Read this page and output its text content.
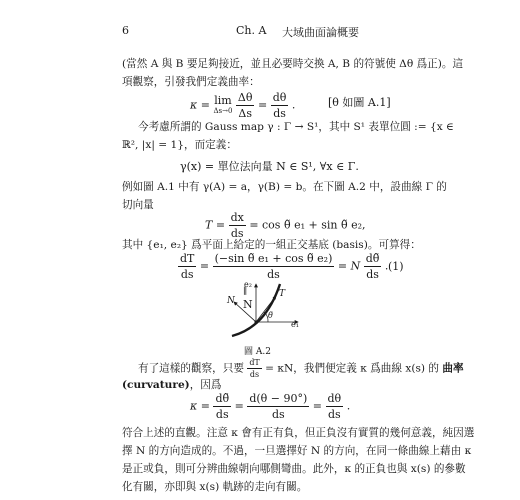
6	Ch. A 大域曲面論概要
(當然 A 與 B 要足夠接近，並且必要時交換 A, B 的符號使 Δθ 爲正)。這
項觀察，引發我們定義曲率：
κ = lim
Δs→0
$\frac{\Delta\theta}{\Delta s} = \frac{d\theta}{ds}$ .	[θ 如圖 A.1]
今考慮所謂的 Gauss map γ : Γ → S¹，其中 S¹ 表單位圓 := {x ∈
ℝ², |x| = 1}，而定義：
γ(x) = 單位法向量 N ∈ S¹, ∀x ∈ Γ.
例如圖 A.1 中有 γ(A) = a，γ(B) = b。在下圖 A.2 中，設曲線 Γ 的
切向量
$T = \frac{dx}{ds} = \cos$ θ̃ e₁ + sin θ̃ e₂,
其中 {e₁, e₂} 爲平面上給定的一組正交基底 (basis)。可算得：
$\frac{dT}{ds} = \frac{\text{(−sin θ̃ e₁ + cos θ̃ e₂)}}{ds} = N \frac{d\thetã}{ds}$ .
∥
N
(1)
e₂
N
T
θ̃
e₁
圖 A.2
有了這樣的觀察，只要 $\frac{dT}{ds} = \kappa N$，我們便定義 κ 爲曲線 x(s) 的 曲率
(curvature)，因爲
$\kappa = \frac{d\thetã}{ds} = \frac{d(\theta - 90^\circ)}{ds} = \frac{d\theta}{ds}$ .
符合上述的直觀。注意 κ 會有正有負，但正負沒有實質的幾何意義，純因選
擇 N 的方向造成的。不過，一旦選擇好 N 的方向，在同一條曲線上藉由 κ
是正或負，則可分辨曲線朝向哪側彎曲。此外，κ 的正負也與 x(s) 的參數
化有關，亦即與 x(s) 軌跡的走向有關。
